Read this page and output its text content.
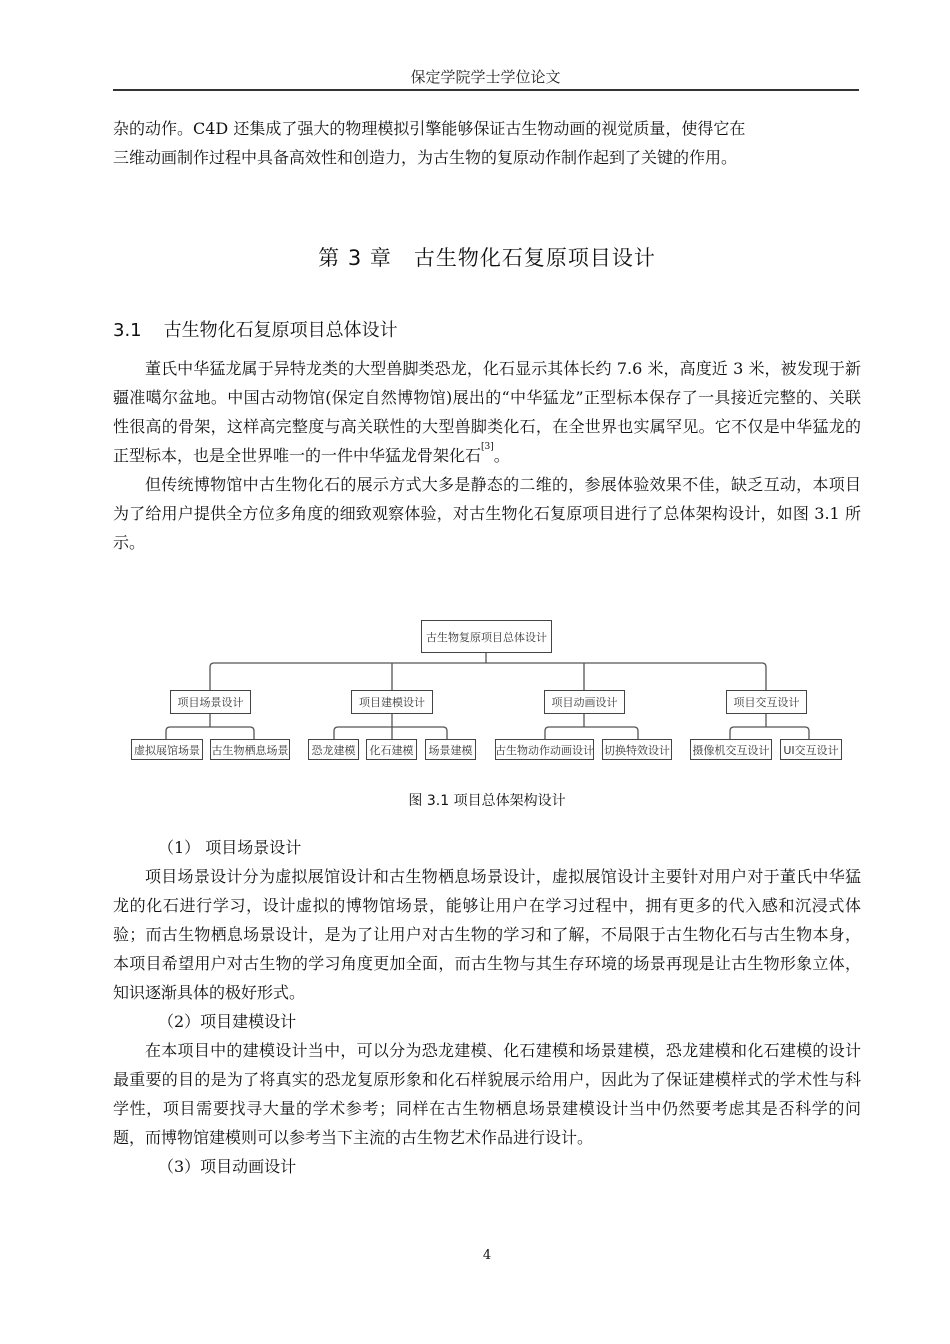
保定学院学士学位论文

杂的动作。C4D 还集成了强大的物理模拟引擎能够保证古生物动画的视觉质量，使得它在

三维动画制作过程中具备高效性和创造力，为古生物的复原动作制作起到了关键的作用。

第 3 章　古生物化石复原项目设计
3.1 古生物化石复原项目总体设计

董氏中华猛龙属于异特龙类的大型兽脚类恐龙，化石显示其体长约 7.6 米，高度近 3 米，被发现于新疆准噶尔盆地。中国古动物馆(保定自然博物馆)展出的“中华猛龙”正型标本保存了一具接近完整的、关联性很高的骨架，这样高完整度与高关联性的大型兽脚类化石，在全世界也实属罕见。它不仅是中华猛龙的正型标本，也是全世界唯一的一件中华猛龙骨架化石[3]。

但传统博物馆中古生物化石的展示方式大多是静态的二维的，参展体验效果不佳，缺乏互动，本项目为了给用户提供全方位多角度的细致观察体验，对古生物化石复原项目进行了总体架构设计，如图 3.1 所示。

古生物复原项目总体设计
项目场景设计	项目建模设计	项目动画设计	项目交互设计
虚拟展馆场景 古生物栖息场景	恐龙建模	化石建模	场景建模	古生物动作动画设计 切换特效设计 摄像机交互设计	UI交互设计
图 3.1 项目总体架构设计

（1） 项目场景设计

项目场景设计分为虚拟展馆设计和古生物栖息场景设计，虚拟展馆设计主要针对用户对于董氏中华猛龙的化石进行学习，设计虚拟的博物馆场景，能够让用户在学习过程中，拥有更多的代入感和沉浸式体验；而古生物栖息场景设计，是为了让用户对古生物的学习和了解，不局限于古生物化石与古生物本身，本项目希望用户对古生物的学习角度更加全面，而古生物与其生存环境的场景再现是让古生物形象立体，知识逐渐具体的极好形式。

（2）项目建模设计

在本项目中的建模设计当中，可以分为恐龙建模、化石建模和场景建模，恐龙建模和化石建模的设计最重要的目的是为了将真实的恐龙复原形象和化石样貌展示给用户，因此为了保证建模样式的学术性与科学性，项目需要找寻大量的学术参考；同样在古生物栖息场景建模设计当中仍然要考虑其是否科学的问题，而博物馆建模则可以参考当下主流的古生物艺术作品进行设计。

（3）项目动画设计

4
